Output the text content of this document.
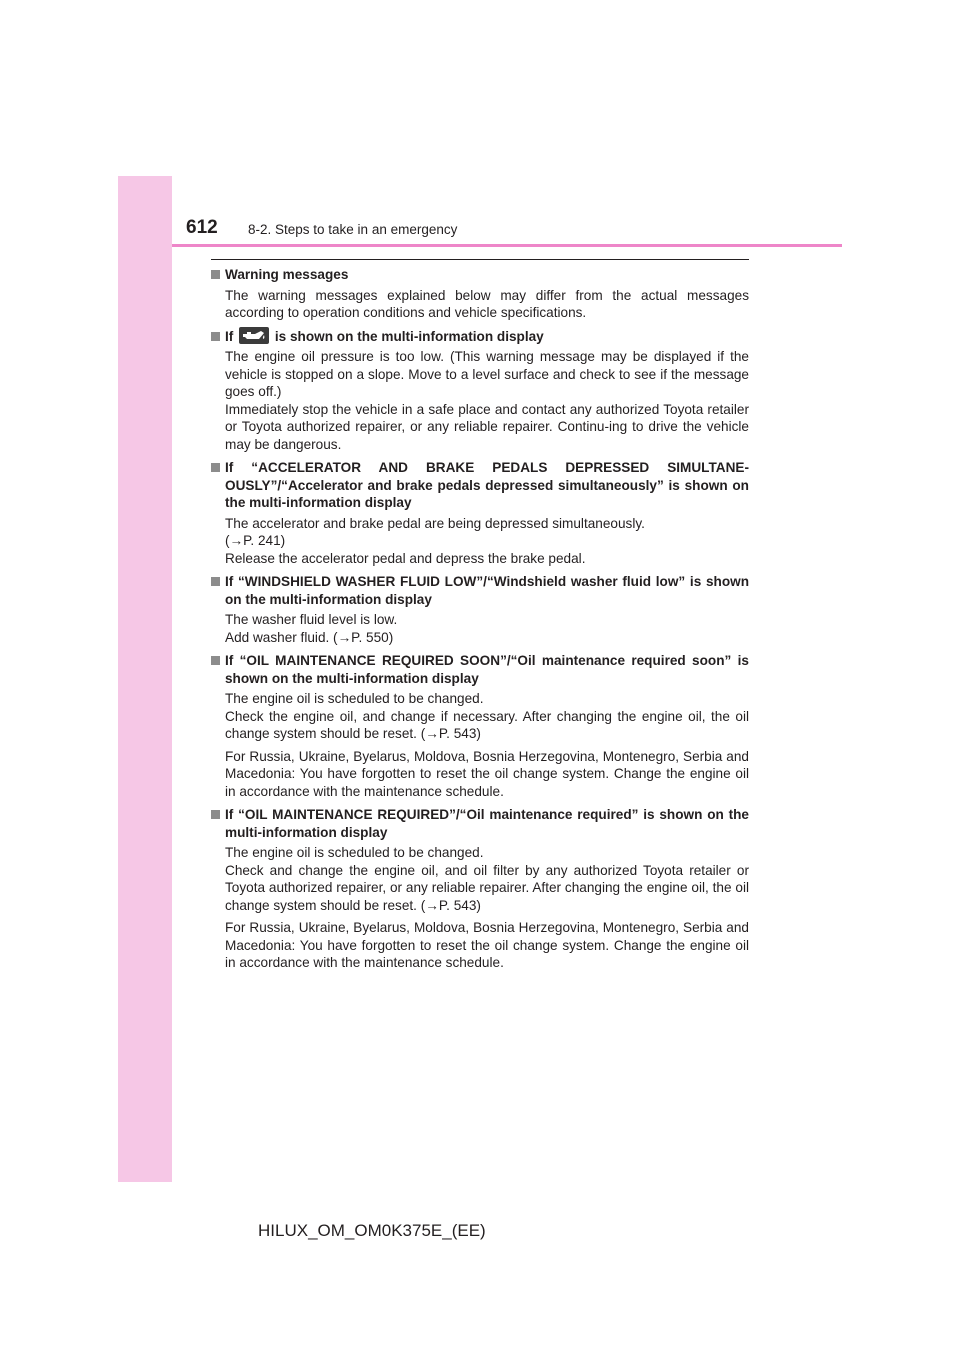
612 8-2. Steps to take in an emergency
Warning messages

The warning messages explained below may differ from the actual messages according to operation conditions and vehicle specifications.

If	is shown on the multi-information display

The engine oil pressure is too low. (This warning message may be displayed if the vehicle is stopped on a slope. Move to a level surface and check to see if the message goes off.)
Immediately stop the vehicle in a safe place and contact any authorized Toyota retailer or Toyota authorized repairer, or any reliable repairer. Continu-ing to drive the vehicle may be dangerous.

If “ACCELERATOR AND BRAKE PEDALS DEPRESSED SIMULTANE-OUSLY”/“Accelerator and brake pedals depressed simultaneously” is shown on the multi-information display

The accelerator and brake pedal are being depressed simultaneously.
(→P. 241)
Release the accelerator pedal and depress the brake pedal.

If “WINDSHIELD WASHER FLUID LOW”/“Windshield washer fluid low” is shown on the multi-information display

The washer fluid level is low.
Add washer fluid. (→P. 550)

If “OIL MAINTENANCE REQUIRED SOON”/“Oil maintenance required soon” is shown on the multi-information display

The engine oil is scheduled to be changed.
Check the engine oil, and change if necessary. After changing the engine oil, the oil change system should be reset. (→P. 543)

For Russia, Ukraine, Byelarus, Moldova, Bosnia Herzegovina, Montenegro, Serbia and Macedonia: You have forgotten to reset the oil change system. Change the engine oil in accordance with the maintenance schedule.

If “OIL MAINTENANCE REQUIRED”/“Oil maintenance required” is shown on the multi-information display

The engine oil is scheduled to be changed.
Check and change the engine oil, and oil filter by any authorized Toyota retailer or Toyota authorized repairer, or any reliable repairer. After changing the engine oil, the oil change system should be reset. (→P. 543)

For Russia, Ukraine, Byelarus, Moldova, Bosnia Herzegovina, Montenegro, Serbia and Macedonia: You have forgotten to reset the oil change system. Change the engine oil in accordance with the maintenance schedule.

HILUX_OM_OM0K375E_(EE)
